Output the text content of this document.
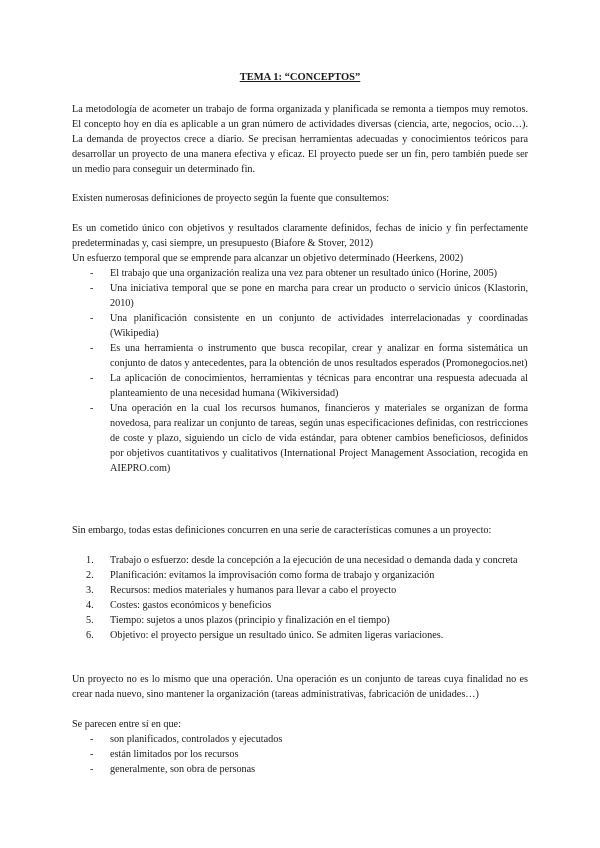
TEMA 1: “CONCEPTOS”

La metodología de acometer un trabajo de forma organizada y planificada se remonta a tiempos muy remotos. El concepto hoy en día es aplicable a un gran número de actividades diversas (ciencia, arte, negocios, ocio…). La demanda de proyectos crece a diario. Se precisan herramientas adecuadas y conocimientos teóricos para desarrollar un proyecto de una manera efectiva y eficaz. El proyecto puede ser un fin, pero también puede ser un medio para conseguir un determinado fin.

Existen numerosas definiciones de proyecto según la fuente que consultemos:

Es un cometido único con objetivos y resultados claramente definidos, fechas de inicio y fin perfectamente predeterminadas y, casi siempre, un presupuesto (Biafore & Stover, 2012)

Un esfuerzo temporal que se emprende para alcanzar un objetivo determinado (Heerkens, 2002)

- El trabajo que una organización realiza una vez para obtener un resultado único (Horine, 2005)
- Una iniciativa temporal que se pone en marcha para crear un producto o servicio únicos (Klastorin, 2010)
- Una planificación consistente en un conjunto de actividades interrelacionadas y coordinadas (Wikipedia)
- Es una herramienta o instrumento que busca recopilar, crear y analizar en forma sistemática un conjunto de datos y antecedentes, para la obtención de unos resultados esperados (Promonegocios.net)
- La aplicación de conocimientos, herramientas y técnicas para encontrar una respuesta adecuada al planteamiento de una necesidad humana (Wikiversidad)
- Una operación en la cual los recursos humanos, financieros y materiales se organizan de forma novedosa, para realizar un conjunto de tareas, según unas especificaciones definidas, con restricciones de coste y plazo, siguiendo un ciclo de vida estándar, para obtener cambios beneficiosos, definidos por objetivos cuantitativos y cualitativos (International Project Management Association, recogida en AIEPRO.com)

Sin embargo, todas estas definiciones concurren en una serie de características comunes a un proyecto:

1. Trabajo o esfuerzo: desde la concepción a la ejecución de una necesidad o demanda dada y concreta
2. Planificación: evitamos la improvisación como forma de trabajo y organización
3. Recursos: medios materiales y humanos para llevar a cabo el proyecto
4. Costes: gastos económicos y beneficios
5. Tiempo: sujetos a unos plazos (principio y finalización en el tiempo)
6. Objetivo: el proyecto persigue un resultado único. Se admiten ligeras variaciones.

Un proyecto no es lo mismo que una operación. Una operación es un conjunto de tareas cuya finalidad no es crear nada nuevo, sino mantener la organización (tareas administrativas, fabricación de unidades…)

Se parecen entre sí en que:

- son planificados, controlados y ejecutados
- están limitados por los recursos
- generalmente, son obra de personas
